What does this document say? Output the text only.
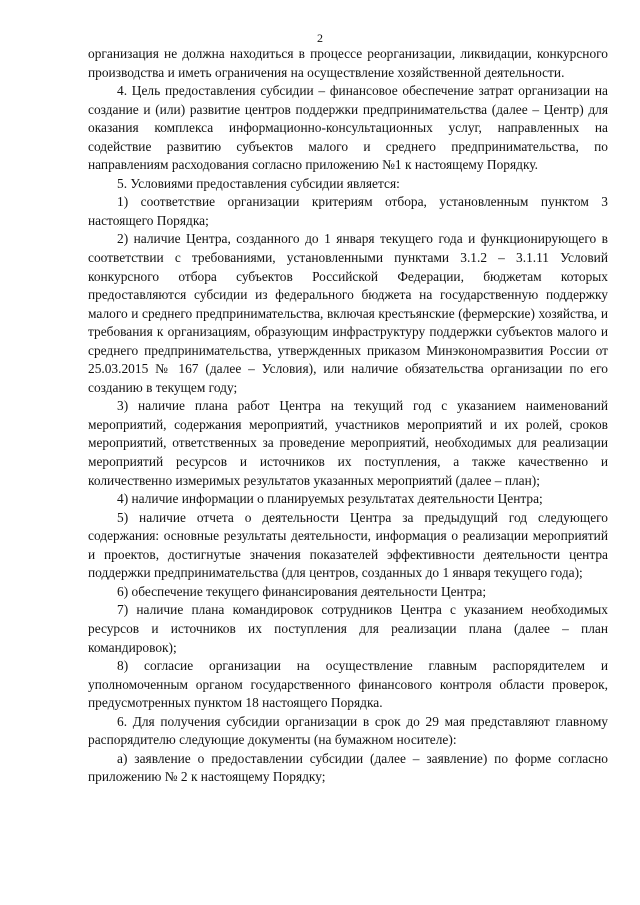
2

организация не должна находиться в процессе реорганизации, ликвидации, конкурсного производства и иметь ограничения на осуществление хозяйственной деятельности.

4. Цель предоставления субсидии – финансовое обеспечение затрат организации на создание и (или) развитие центров поддержки предпринимательства (далее – Центр) для оказания комплекса информационно-консультационных услуг, направленных на содействие развитию субъектов малого и среднего предпринимательства, по направлениям расходования согласно приложению №1 к настоящему Порядку.

5. Условиями предоставления субсидии является:

1) соответствие организации критериям отбора, установленным пунктом 3 настоящего Порядка;

2) наличие Центра, созданного до 1 января текущего года и функционирующего в соответствии с требованиями, установленными пунктами 3.1.2 – 3.1.11 Условий конкурсного отбора субъектов Российской Федерации, бюджетам которых предоставляются субсидии из федерального бюджета на государственную поддержку малого и среднего предпринимательства, включая крестьянские (фермерские) хозяйства, и требования к организациям, образующим инфраструктуру поддержки субъектов малого и среднего предпринимательства, утвержденных приказом Минэкономразвития России от 25.03.2015 № 167 (далее – Условия), или наличие обязательства организации по его созданию в текущем году;

3) наличие плана работ Центра на текущий год с указанием наименований мероприятий, содержания мероприятий, участников мероприятий и их ролей, сроков мероприятий, ответственных за проведение мероприятий, необходимых для реализации мероприятий ресурсов и источников их поступления, а также качественно и количественно измеримых результатов указанных мероприятий (далее – план);

4) наличие информации о планируемых результатах деятельности Центра;

5) наличие отчета о деятельности Центра за предыдущий год следующего содержания: основные результаты деятельности, информация о реализации мероприятий и проектов, достигнутые значения показателей эффективности деятельности центра поддержки предпринимательства (для центров, созданных до 1 января текущего года);

6) обеспечение текущего финансирования деятельности Центра;

7) наличие плана командировок сотрудников Центра с указанием необходимых ресурсов и источников их поступления для реализации плана (далее – план командировок);

8) согласие организации на осуществление главным распорядителем и уполномоченным органом государственного финансового контроля области проверок, предусмотренных пунктом 18 настоящего Порядка.

6. Для получения субсидии организации в срок до 29 мая представляют главному распорядителю следующие документы (на бумажном носителе):

а) заявление о предоставлении субсидии (далее – заявление) по форме согласно приложению № 2 к настоящему Порядку;
